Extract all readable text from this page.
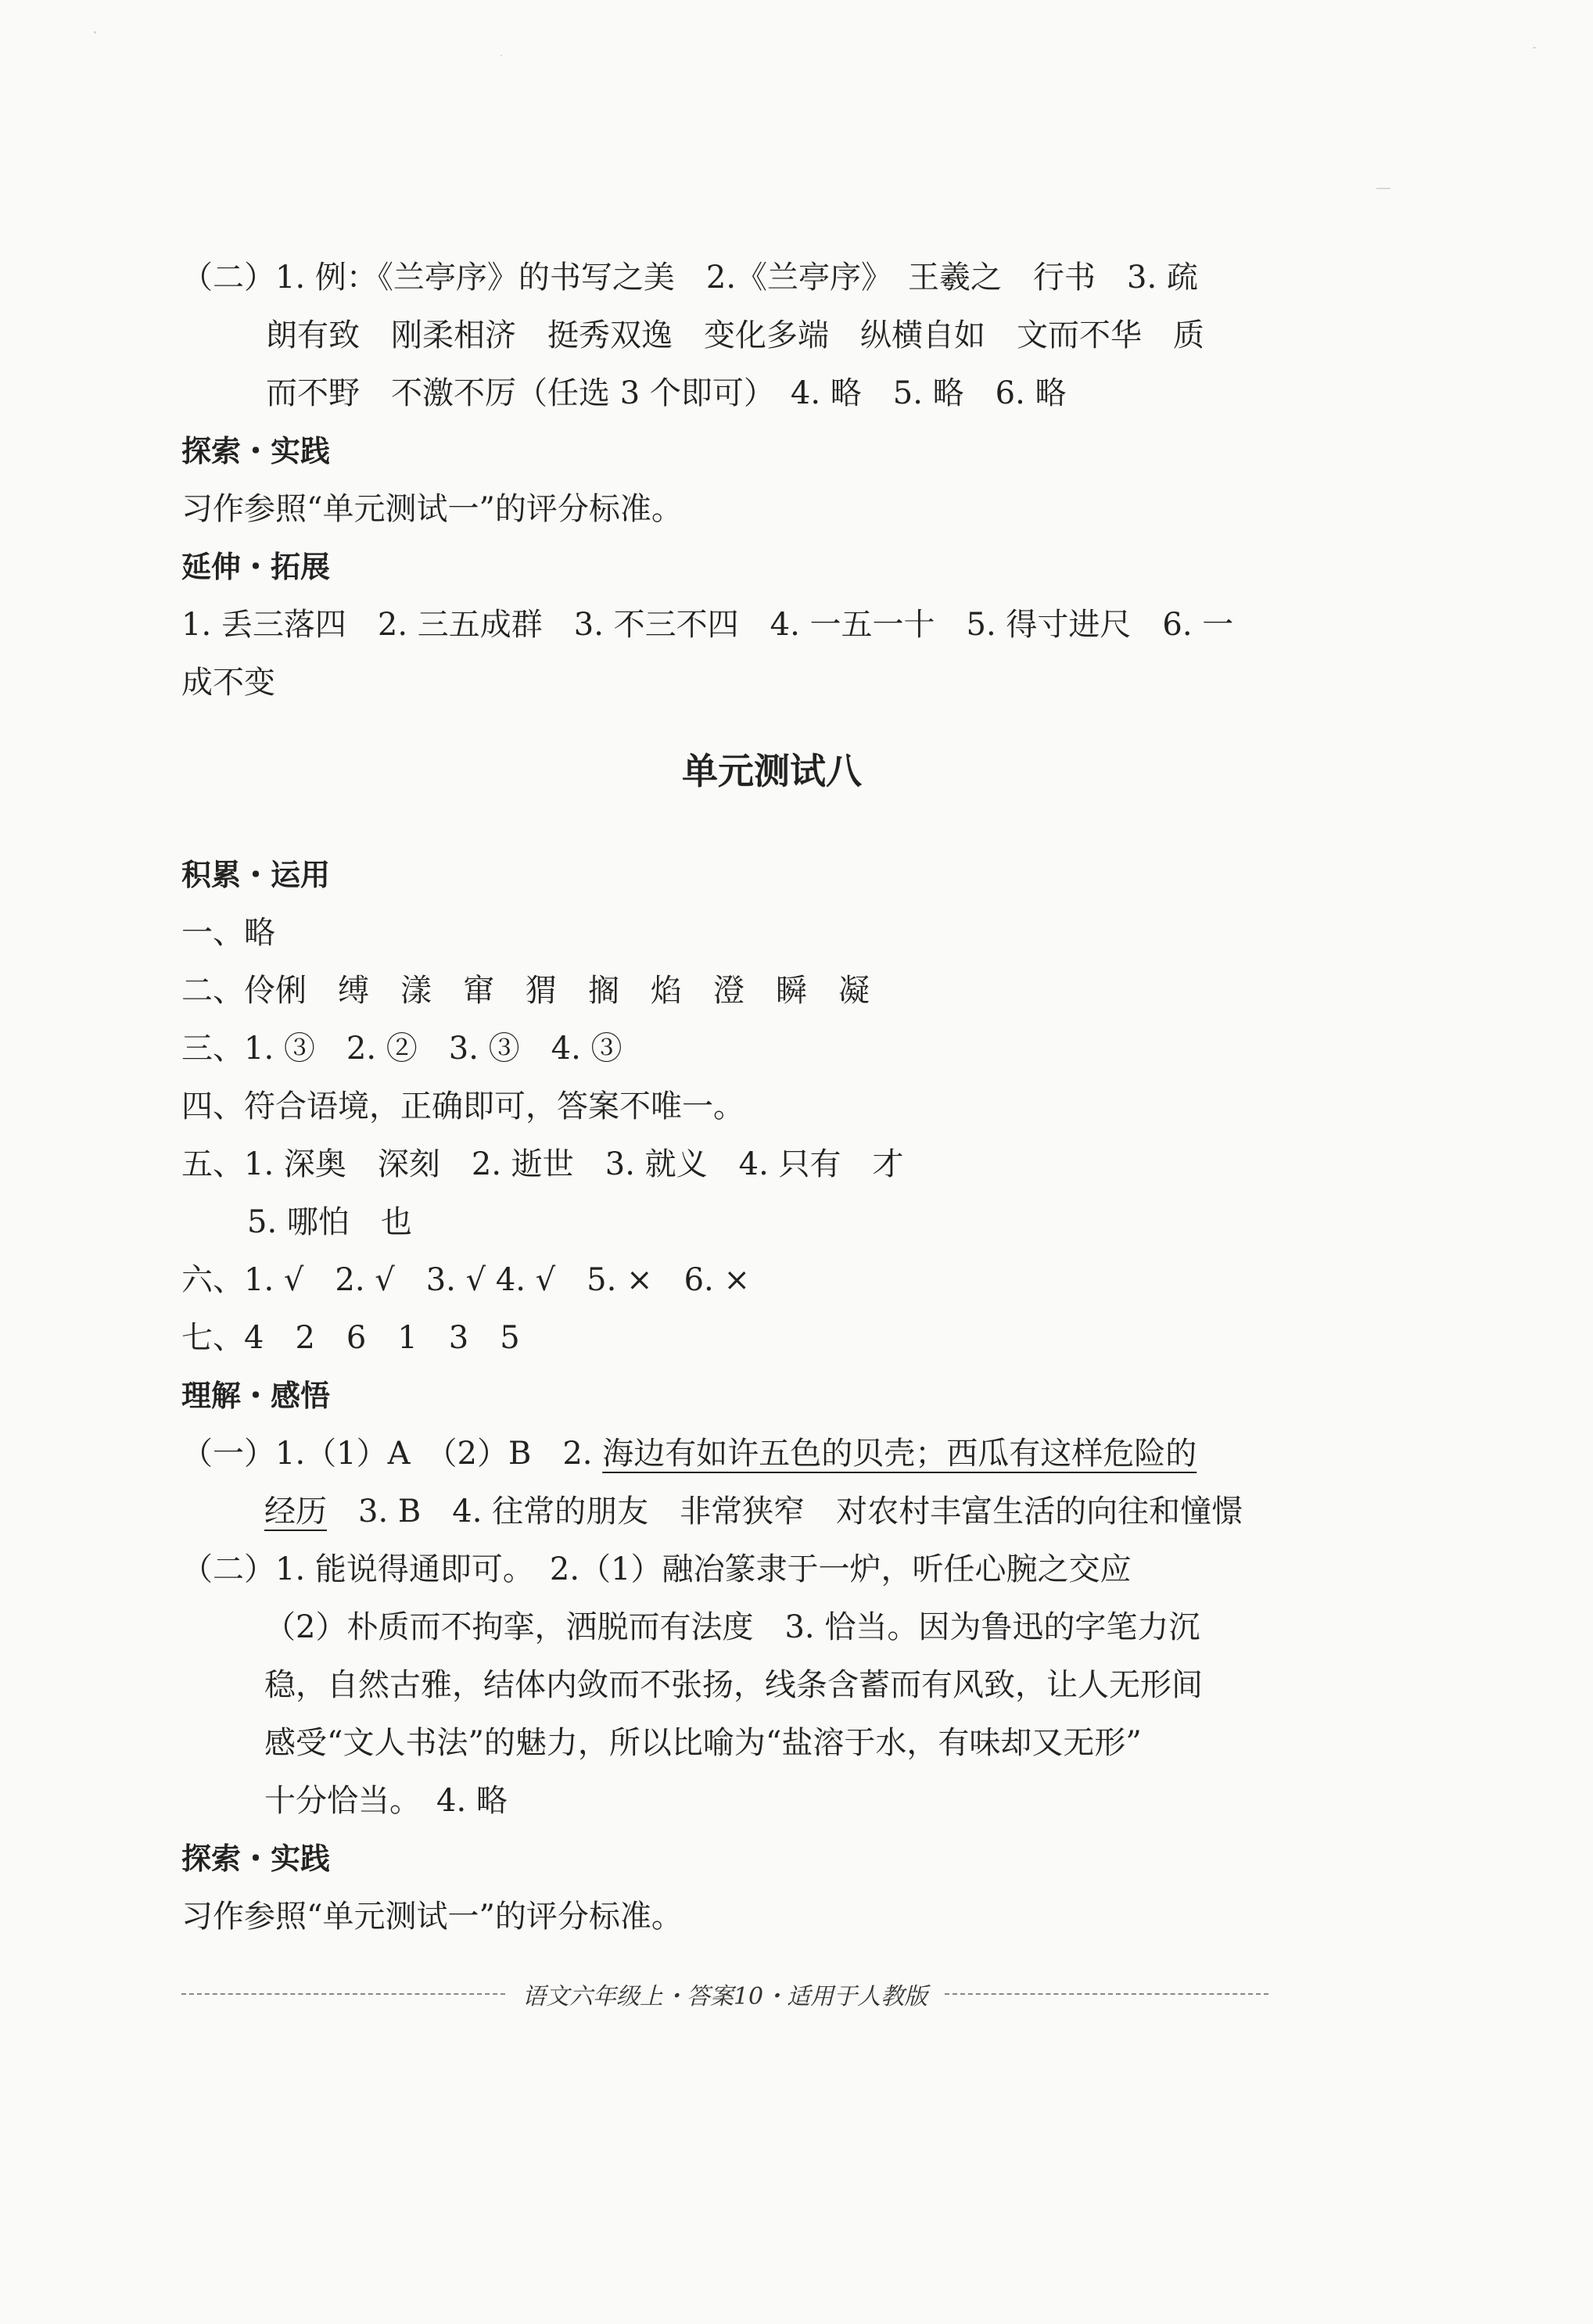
（二）1. 例：《兰亭序》的书写之美　2.《兰亭序》　王羲之　行书　3. 疏
朗有致　刚柔相济　挺秀双逸　变化多端　纵横自如　文而不华　质
而不野　不激不厉（任选 3 个即可）　4. 略　5. 略　6. 略
探索・实践
习作参照“单元测试一”的评分标准。
延伸・拓展
1. 丢三落四　2. 三五成群　3. 不三不四　4. 一五一十　5. 得寸进尺　6. 一
成不变
单元测试八
积累・运用
一、略
二、伶俐　缚　漾　窜　猬　搁　焰　澄　瞬　凝
三、1. ③　2. ②　3. ③　4. ③
四、符合语境，正确即可，答案不唯一。
五、1. 深奥　深刻　2. 逝世　3. 就义　4. 只有　才
5. 哪怕　也
六、1. √　2. √　3. √ 4. √　5. ×　6. ×
七、4　2　6　1　3　5
理解・感悟
（一）1.（1）A　（2）B　2. 海边有如许五色的贝壳；西瓜有这样危险的
经历　3. B　4. 往常的朋友　非常狭窄　对农村丰富生活的向往和憧憬
（二）1. 能说得通即可。　2.（1）融冶篆隶于一炉，听任心腕之交应
（2）朴质而不拘挛，洒脱而有法度　3. 恰当。因为鲁迅的字笔力沉
稳，自然古雅，结体内敛而不张扬，线条含蓄而有风致，让人无形间
感受“文人书法”的魅力，所以比喻为“盐溶于水，有味却又无形”
十分恰当。　4. 略
探索・实践
习作参照“单元测试一”的评分标准。
语文六年级上・答案10・适用于人教版
